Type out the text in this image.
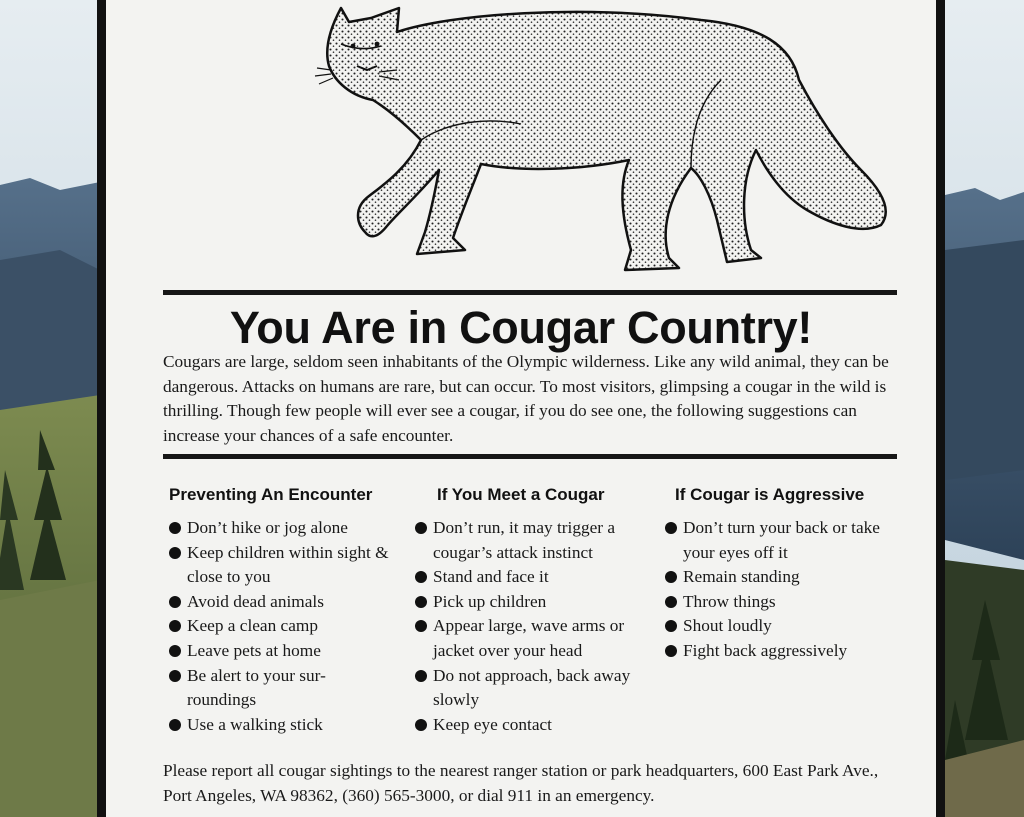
You Are in Cougar Country!
Cougars are large, seldom seen inhabitants of the Olympic wilderness. Like any wild animal, they can be dangerous. Attacks on humans are rare, but can occur. To most visitors, glimpsing a cougar in the wild is thrilling. Though few people will ever see a cougar, if you do see one, the following suggestions can increase your chances of a safe encounter.
Preventing An Encounter
Don’t hike or jog alone
Keep children within sight & close to you
Avoid dead animals
Keep a clean camp
Leave pets at home
Be alert to your sur- roundings
Use a walking stick
If You Meet a Cougar
Don’t run, it may trigger a cougar’s attack instinct
Stand and face it
Pick up children
Appear large, wave arms or jacket over your head
Do not approach, back away slowly
Keep eye contact
If Cougar is Aggressive
Don’t turn your back or take your eyes off it
Remain standing
Throw things
Shout loudly
Fight back aggressively
Please report all cougar sightings to the nearest ranger station or park headquarters, 600 East Park Ave., Port Angeles, WA 98362, (360) 565-3000, or dial 911 in an emergency.
